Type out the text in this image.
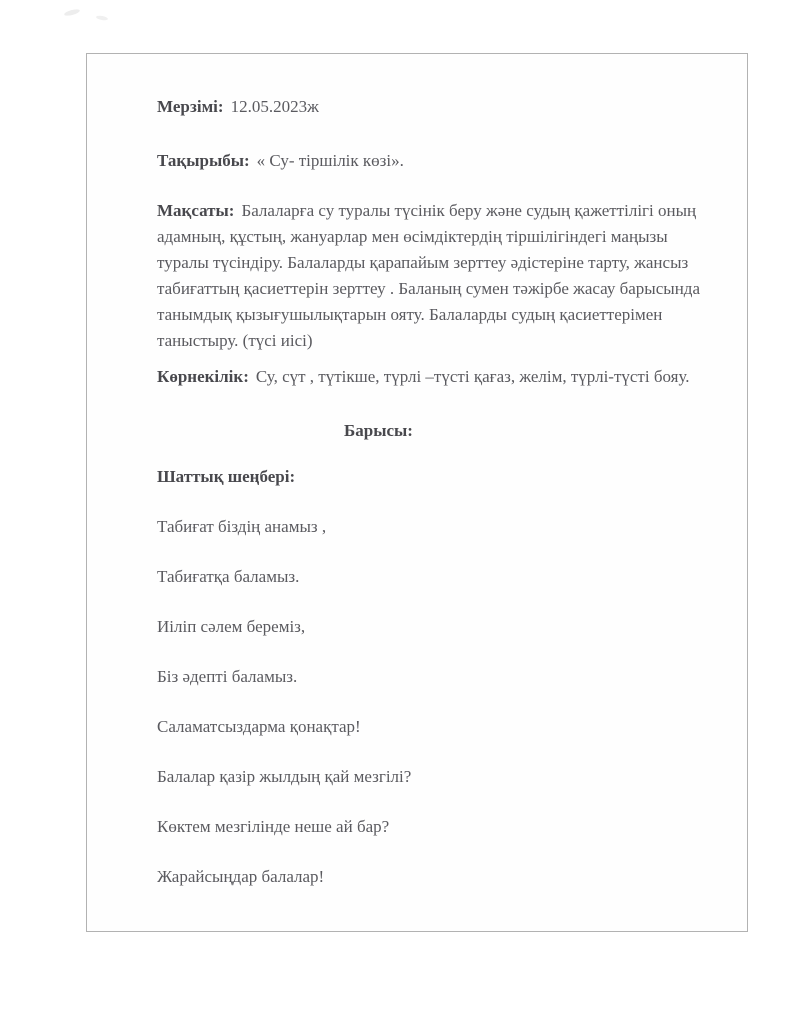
Мерзімі: 12.05.2023ж
Тақырыбы: « Су- тіршілік көзі».

Мақсаты: Балаларға су туралы түсінік беру және судың қажеттілігі оның адамның, құстың, жануарлар мен өсімдіктердің тіршілігіндегі маңызы туралы түсіндіру. Балаларды қарапайым зерттеу әдістеріне тарту, жансыз табиғаттың қасиеттерін зерттеу . Баланың сумен тәжірбе жасау барысында танымдық қызығушылықтарын ояту. Балаларды судың қасиеттерімен таныстыру. (түсі иісі)

Көрнекілік: Су, сүт , түтікше, түрлі –түсті қағаз, желім, түрлі-түсті бояу.
Барысы:
Шаттық шеңбері:
Табиғат біздің анамыз ,
Табиғатқа баламыз.
Иіліп сәлем береміз,
Біз әдепті баламыз.
Саламатсыздарма қонақтар!
Балалар қазір жылдың қай мезгілі?
Көктем мезгілінде неше ай бар?
Жарайсыңдар балалар!
